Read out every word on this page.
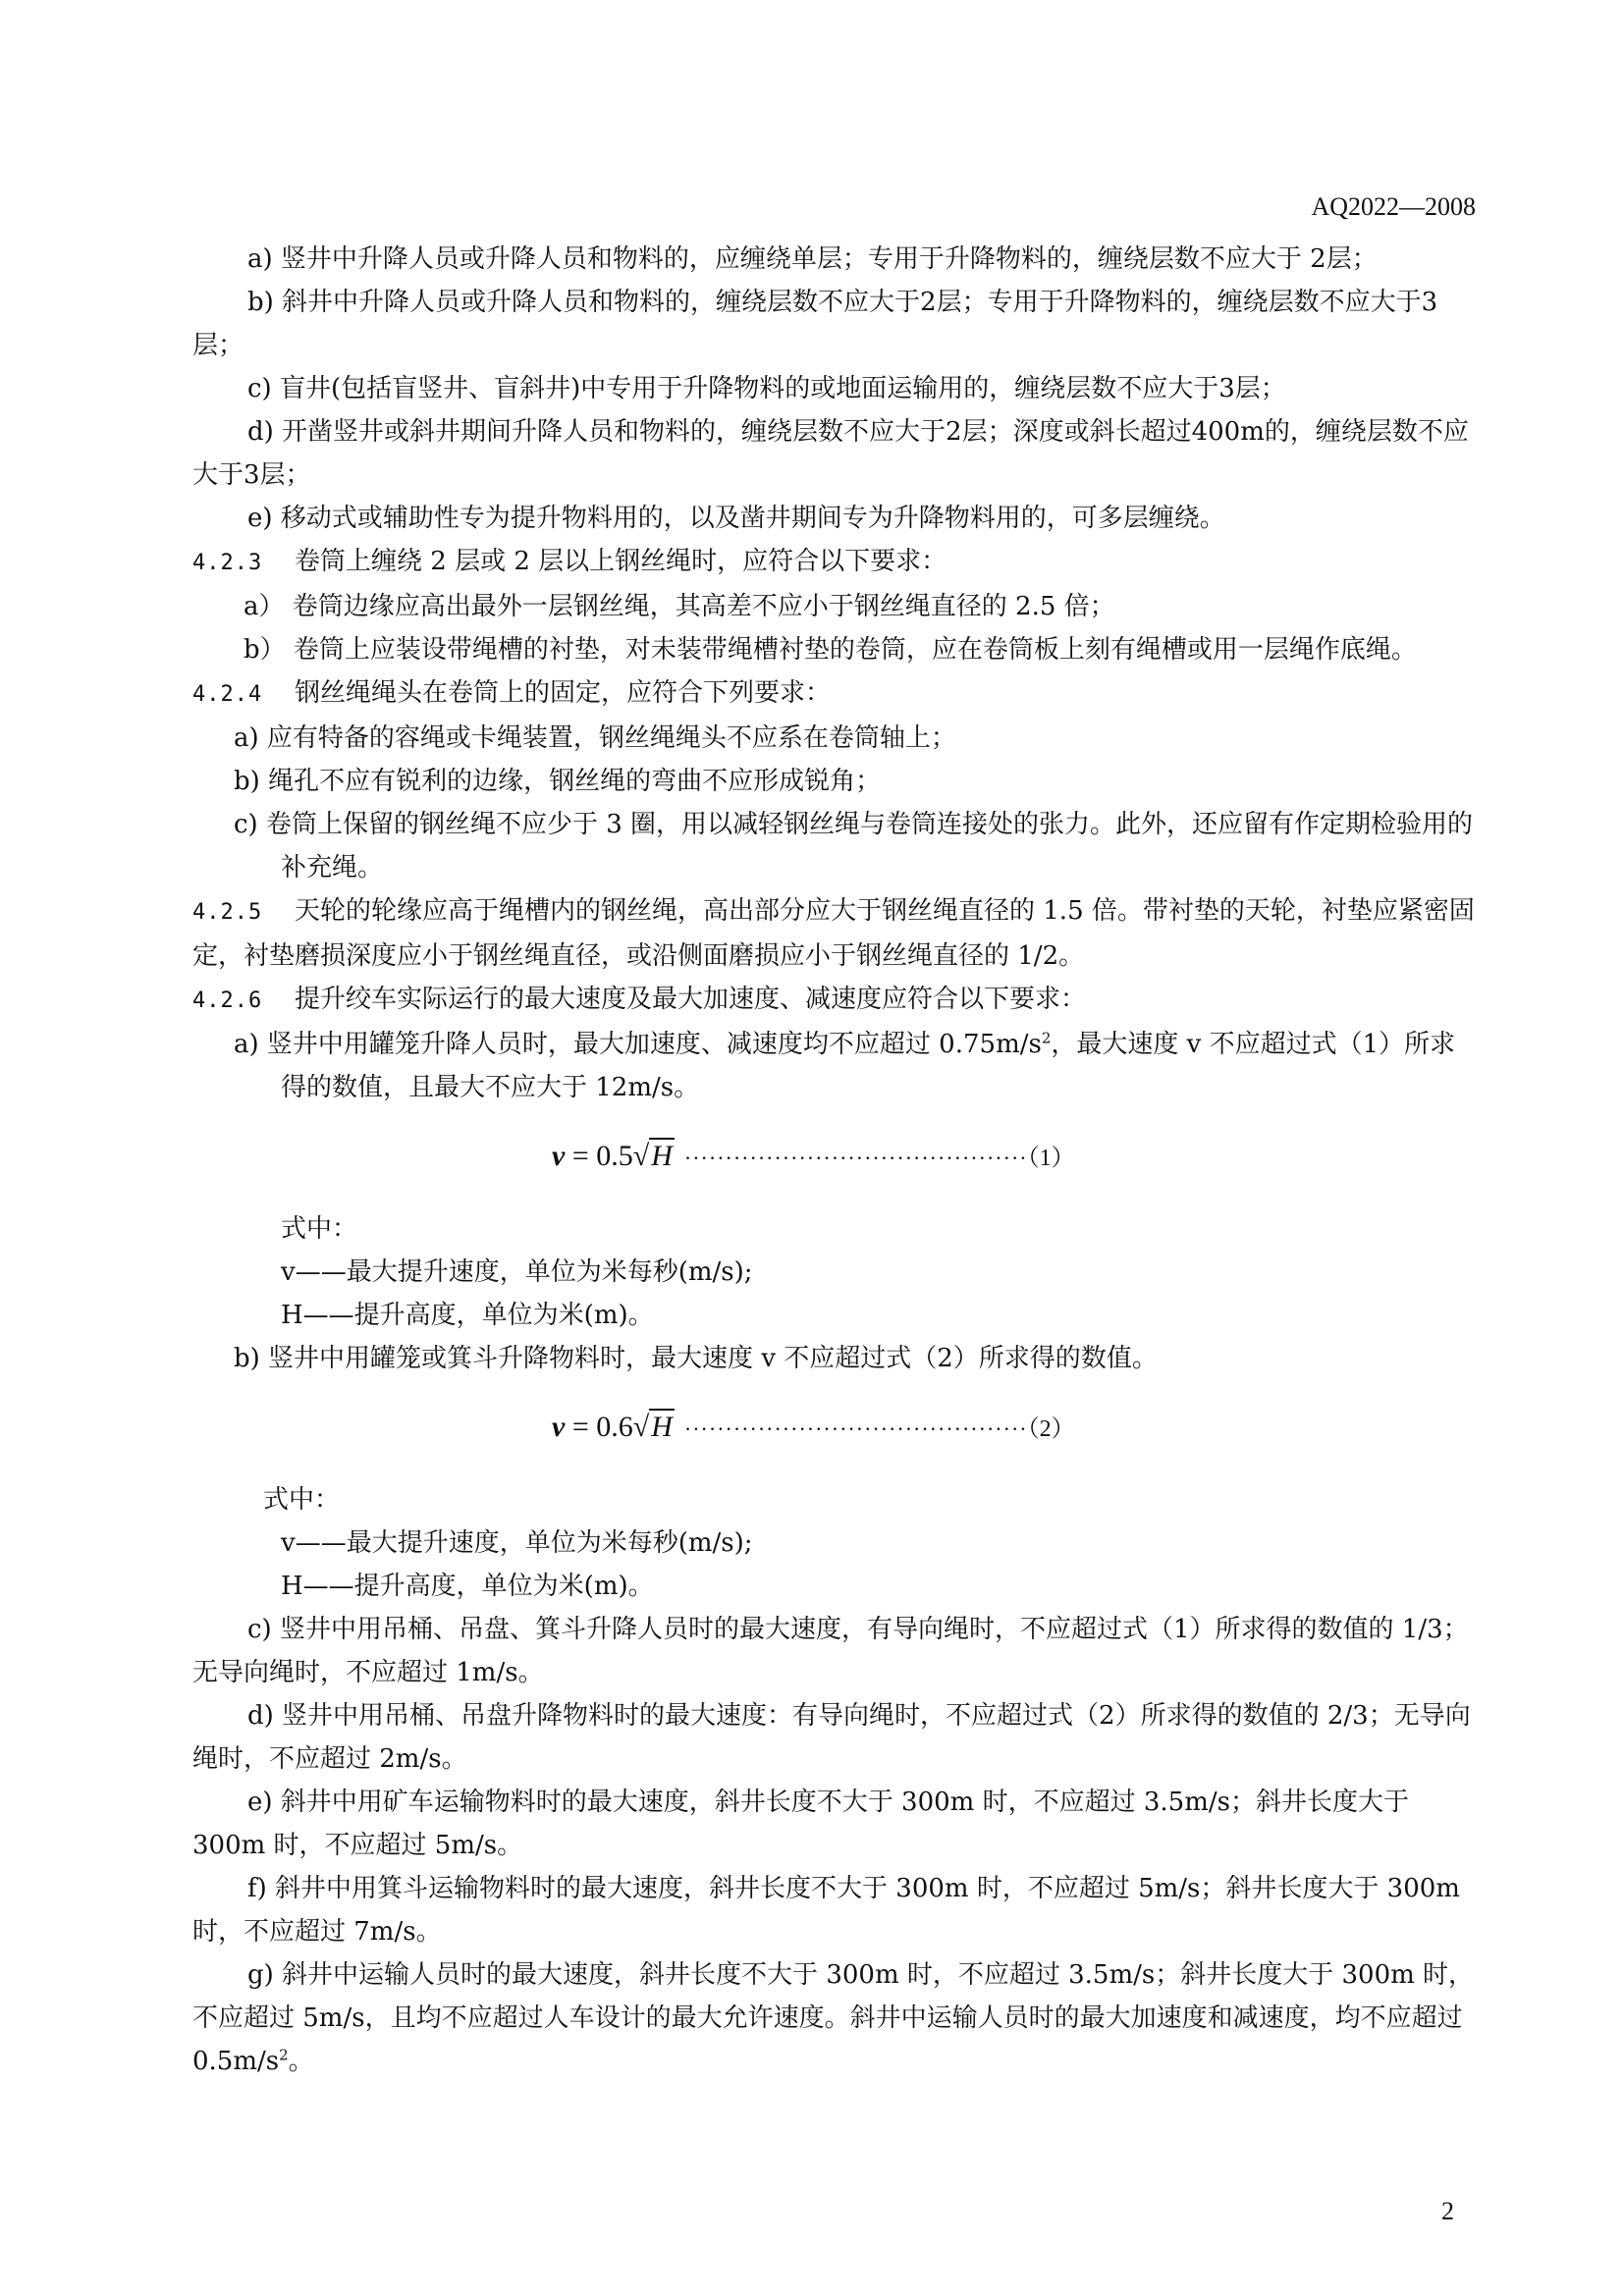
AQ2022—2008

a) 竖井中升降人员或升降人员和物料的，应缠绕单层；专用于升降物料的，缠绕层数不应大于 2层；

b) 斜井中升降人员或升降人员和物料的，缠绕层数不应大于2层；专用于升降物料的，缠绕层数不应大于3层；

c) 盲井(包括盲竖井、盲斜井)中专用于升降物料的或地面运输用的，缠绕层数不应大于3层；

d) 开凿竖井或斜井期间升降人员和物料的，缠绕层数不应大于2层；深度或斜长超过400m的，缠绕层数不应大于3层；

e) 移动式或辅助性专为提升物料用的，以及凿井期间专为升降物料用的，可多层缠绕。

4.2.3 卷筒上缠绕 2 层或 2 层以上钢丝绳时，应符合以下要求：

a） 卷筒边缘应高出最外一层钢丝绳，其高差不应小于钢丝绳直径的 2.5 倍；

b） 卷筒上应装设带绳槽的衬垫，对未装带绳槽衬垫的卷筒，应在卷筒板上刻有绳槽或用一层绳作底绳。

4.2.4 钢丝绳绳头在卷筒上的固定，应符合下列要求：

a) 应有特备的容绳或卡绳装置，钢丝绳绳头不应系在卷筒轴上；

b) 绳孔不应有锐利的边缘，钢丝绳的弯曲不应形成锐角；

c) 卷筒上保留的钢丝绳不应少于 3 圈，用以减轻钢丝绳与卷筒连接处的张力。此外，还应留有作定期检验用的补充绳。

4.2.5 天轮的轮缘应高于绳槽内的钢丝绳，高出部分应大于钢丝绳直径的 1.5 倍。带衬垫的天轮，衬垫应紧密固定，衬垫磨损深度应小于钢丝绳直径，或沿侧面磨损应小于钢丝绳直径的 1/2。

4.2.6 提升绞车实际运行的最大速度及最大加速度、减速度应符合以下要求：

a) 竖井中用罐笼升降人员时，最大加速度、减速度均不应超过 $0.75m/s^2$，最大速度 v 不应超过式（1）所求得的数值，且最大不应大于 12m/s。

v = 0.5√H ··········································（1）

式中：

v——最大提升速度，单位为米每秒(m/s);

H——提升高度，单位为米(m)。

b) 竖井中用罐笼或箕斗升降物料时，最大速度 v 不应超过式（2）所求得的数值。

v = 0.6√H ··········································（2）

式中：

v——最大提升速度，单位为米每秒(m/s);

H——提升高度，单位为米(m)。

c) 竖井中用吊桶、吊盘、箕斗升降人员时的最大速度，有导向绳时，不应超过式（1）所求得的数值的 1/3；无导向绳时，不应超过 1m/s。

d) 竖井中用吊桶、吊盘升降物料时的最大速度：有导向绳时，不应超过式（2）所求得的数值的 2/3；无导向绳时，不应超过 2m/s。

e) 斜井中用矿车运输物料时的最大速度，斜井长度不大于 300m 时，不应超过 3.5m/s；斜井长度大于 300m 时，不应超过 5m/s。

f) 斜井中用箕斗运输物料时的最大速度，斜井长度不大于 300m 时，不应超过 5m/s；斜井长度大于 300m 时，不应超过 7m/s。

g) 斜井中运输人员时的最大速度，斜井长度不大于 300m 时，不应超过 3.5m/s；斜井长度大于 300m 时，不应超过 5m/s，且均不应超过人车设计的最大允许速度。斜井中运输人员时的最大加速度和减速度，均不应超过 $0.5m/s^2$。

2
